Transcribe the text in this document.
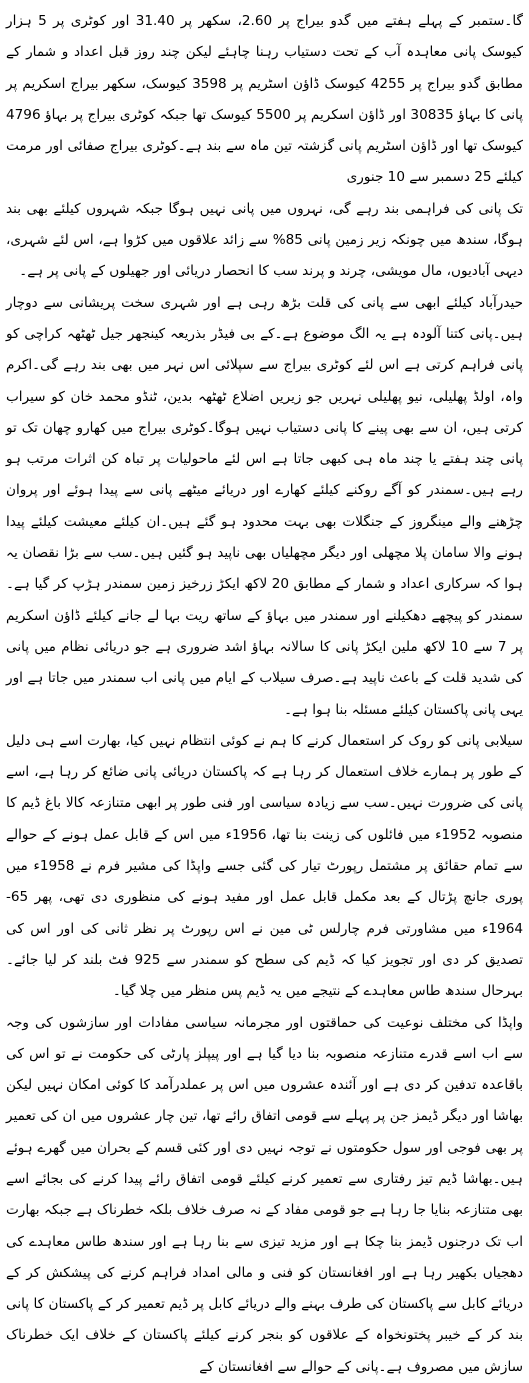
گا۔ستمبر کے پہلے ہفتے میں گدو بیراج پر 2.60، سکھر پر 31.40 اور کوٹری پر 5 ہزار کیوسک پانی معاہدہ آب کے تحت دستیاب رہنا چاہئے لیکن چند روز قبل اعداد و شمار کے مطابق گدو بیراج پر 4255 کیوسک ڈاؤن اسٹریم پر 3598 کیوسک، سکھر بیراج اسکریم پر پانی کا بہاؤ 30835 اور ڈاؤن اسکریم پر 5500 کیوسک تھا جبکہ کوٹری بیراج پر بہاؤ 4796 کیوسک تھا اور ڈاؤن اسٹریم پانی گزشتہ تین ماہ سے بند ہے۔کوٹری بیراج صفائی اور مرمت کیلئے 25 دسمبر سے 10 جنوری

تک پانی کی فراہمی بند رہے گی، نہروں میں پانی نہیں ہوگا جبکہ شہروں کیلئے بھی بند ہوگا، سندھ میں چونکہ زیر زمین پانی 85% سے زائد علاقوں میں کڑوا ہے، اس لئے شہری، دیہی آبادیوں، مال مویشی، چرند و پرند سب کا انحصار دریائی اور جھیلوں کے پانی پر ہے۔

حیدرآباد کیلئے ابھی سے پانی کی قلت بڑھ رہی ہے اور شہری سخت پریشانی سے دوچار ہیں۔پانی کتنا آلودہ ہے یہ الگ موضوع ہے۔کے بی فیڈر بذریعہ کینجھر جیل ٹھٹھہ کراچی کو پانی فراہم کرتی ہے اس لئے کوٹری بیراج سے سپلائی اس نہر میں بھی بند رہے گی۔اکرم واہ، اولڈ پھلیلی، نیو پھلیلی نہریں جو زیریں اضلاع ٹھٹھہ بدین، ٹنڈو محمد خان کو سیراب کرتی ہیں، ان سے بھی پینے کا پانی دستیاب نہیں ہوگا۔کوٹری بیراج میں کھارو چھان تک تو پانی چند ہفتے یا چند ماہ ہی کبھی جاتا ہے اس لئے ماحولیات پر تباہ کن اثرات مرتب ہو رہے ہیں۔سمندر کو آگے روکنے کیلئے کھارے اور دریائے میٹھے پانی سے پیدا ہوئے اور پروان چڑھنے والے مینگروز کے جنگلات بھی بہت محدود ہو گئے ہیں۔ان کیلئے معیشت کیلئے پیدا ہونے والا سامان پلا مچھلی اور دیگر مچھلیاں بھی ناپید ہو گئیں ہیں۔سب سے بڑا نقصان یہ ہوا کہ سرکاری اعداد و شمار کے مطابق 20 لاکھ ایکڑ زرخیز زمین سمندر ہڑپ کر گیا ہے۔سمندر کو پیچھے دھکیلنے اور سمندر میں بہاؤ کے ساتھ ریت بہا لے جانے کیلئے ڈاؤن اسکریم پر 7 سے 10 لاکھ ملین ایکڑ پانی کا سالانہ بہاؤ اشد ضروری ہے جو دریائی نظام میں پانی کی شدید قلت کے باعث ناپید ہے۔صرف سیلاب کے ایام میں پانی اب سمندر میں جاتا ہے اور یہی پانی پاکستان کیلئے مسئلہ بنا ہوا ہے۔

سیلابی پانی کو روک کر استعمال کرنے کا ہم نے کوئی انتظام نہیں کیا، بھارت اسے ہی دلیل کے طور پر ہمارے خلاف استعمال کر رہا ہے کہ پاکستان دریائی پانی ضائع کر رہا ہے، اسے پانی کی ضرورت نہیں۔سب سے زیادہ سیاسی اور فنی طور پر ابھی متنازعہ کالا باغ ڈیم کا منصوبہ 1952ء میں فائلوں کی زینت بنا تھا، 1956ء میں اس کے قابل عمل ہونے کے حوالے سے تمام حقائق پر مشتمل رپورٹ تیار کی گئی جسے واپڈا کی مشیر فرم نے 1958ء میں پوری جانچ پڑتال کے بعد مکمل قابل عمل اور مفید ہونے کی منظوری دی تھی، پھر 65-1964ء میں مشاورتی فرم چارلس ٹی مین نے اس رپورٹ پر نظر ثانی کی اور اس کی تصدیق کر دی اور تجویز کیا کہ ڈیم کی سطح کو سمندر سے 925 فٹ بلند کر لیا جائے۔بہرحال سندھ طاس معاہدے کے نتیجے میں یہ ڈیم پس منظر میں چلا گیا۔

واپڈا کی مختلف نوعیت کی حماقتوں اور مجرمانہ سیاسی مفادات اور سازشوں کی وجہ سے اب اسے قدرے متنازعہ منصوبہ بنا دیا گیا ہے اور پیپلز پارٹی کی حکومت نے تو اس کی باقاعدہ تدفین کر دی ہے اور آئندہ عشروں میں اس پر عملدرآمد کا کوئی امکان نہیں لیکن بھاشا اور دیگر ڈیمز جن پر پہلے سے قومی اتفاق رائے تھا، تین چار عشروں میں ان کی تعمیر پر بھی فوجی اور سول حکومتوں نے توجہ نہیں دی اور کئی قسم کے بحران میں گھرے ہوئے ہیں۔بھاشا ڈیم تیز رفتاری سے تعمیر کرنے کیلئے قومی اتفاق رائے پیدا کرنے کی بجائے اسے بھی متنازعہ بنایا جا رہا ہے جو قومی مفاد کے نہ صرف خلاف بلکہ خطرناک ہے جبکہ بھارت اب تک درجنوں ڈیمز بنا چکا ہے اور مزید تیزی سے بنا رہا ہے اور سندھ طاس معاہدے کی دھجیاں بکھیر رہا ہے اور افغانستان کو فنی و مالی امداد فراہم کرنے کی پیشکش کر کے دریائے کابل سے پاکستان کی طرف بہنے والے دریائے کابل پر ڈیم تعمیر کر کے پاکستان کا پانی بند کر کے خیبر پختونخواہ کے علاقوں کو بنجر کرنے کیلئے پاکستان کے خلاف ایک خطرناک سازش میں مصروف ہے۔پانی کے حوالے سے افغانستان کے
